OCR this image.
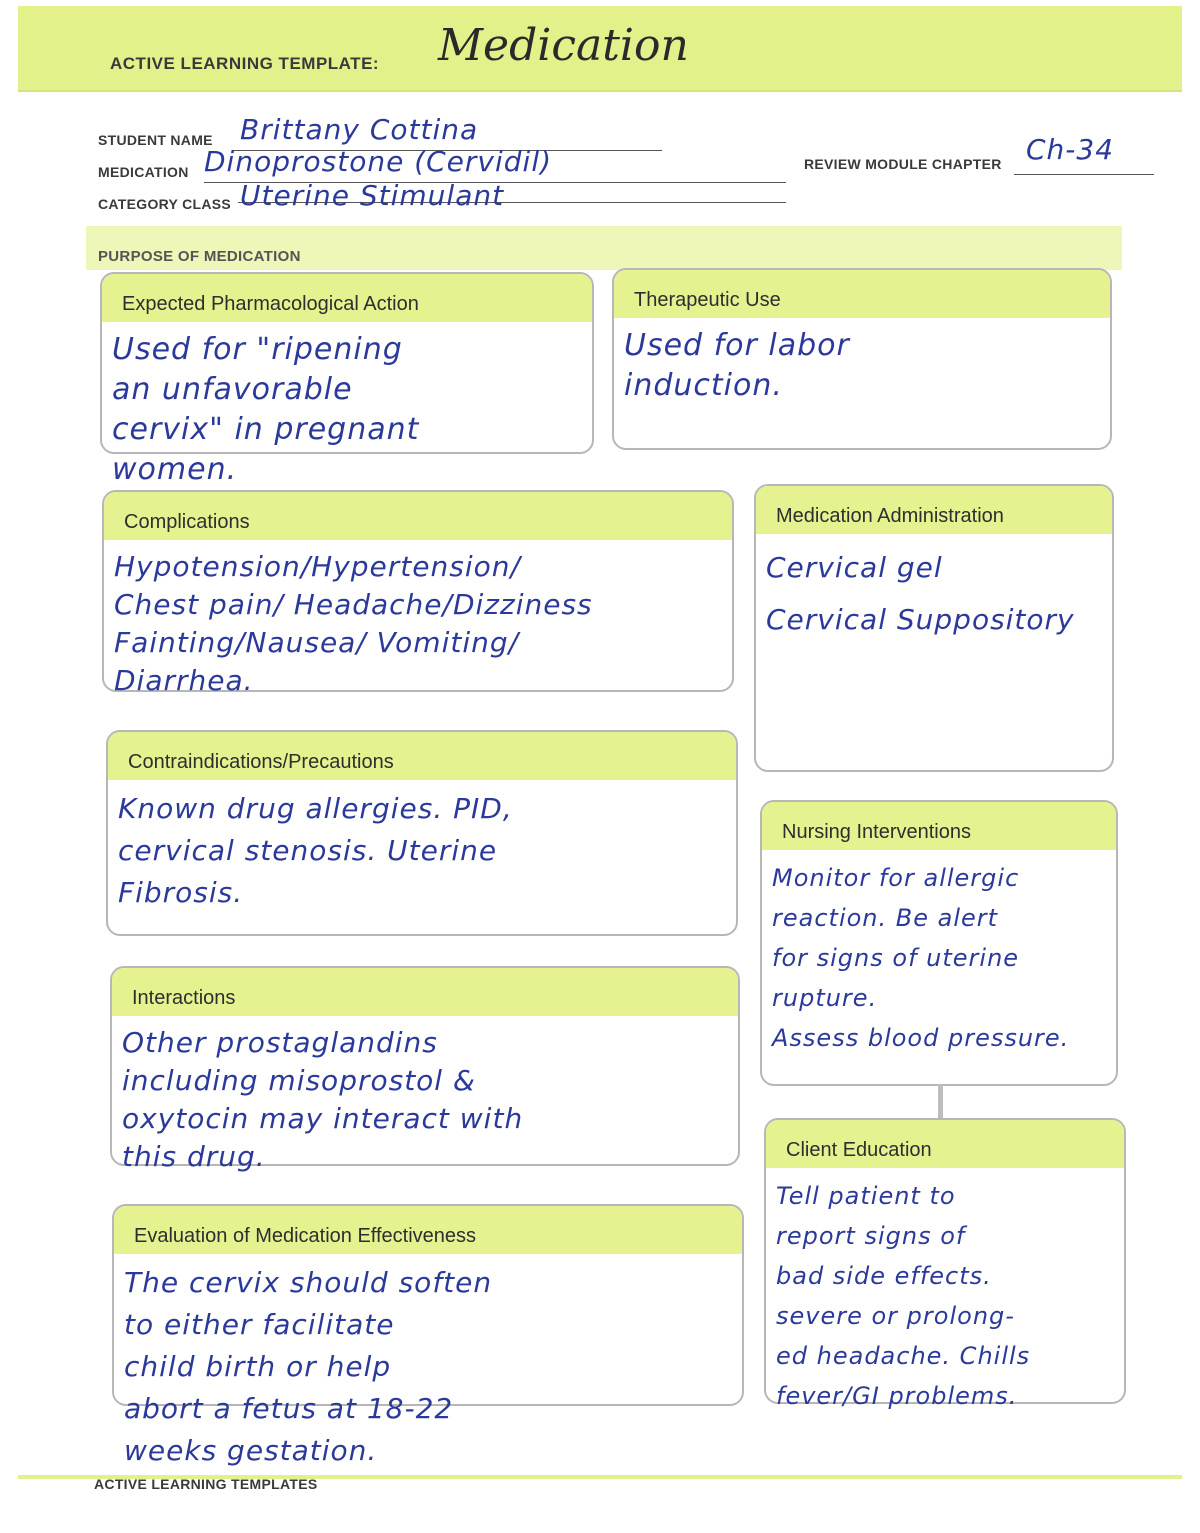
ACTIVE LEARNING TEMPLATE: Medication
STUDENT NAME Brittany Cottina
MEDICATION Dinoprostone (Cervidil)	REVIEW MODULE CHAPTER Ch-34
CATEGORY CLASS Uterine Stimulant
PURPOSE OF MEDICATION
Expected Pharmacological Action
Used for "ripening
an unfavorable
cervix" in pregnant
women.
Therapeutic Use
Used for labor
induction.
Complications
Hypotension/Hypertension/
Chest pain/ Headache/Dizziness
Fainting/Nausea/ Vomiting/
Diarrhea.
Medication Administration
Cervical gel
Cervical Suppository
Contraindications/Precautions
Known drug allergies. PID,
cervical stenosis. Uterine
Fibrosis.
Nursing Interventions
Monitor for allergic
reaction. Be alert
for signs of uterine
rupture.
Assess blood pressure.
Interactions
Other prostaglandins
including misoprostol &
oxytocin may interact with
this drug.	Client Education
Tell patient to
report signs of
bad side effects.
severe or prolong-
ed headache. Chills
fever/GI problems.
Evaluation of Medication Effectiveness
The cervix should soften
to either facilitate
child birth or help
abort a fetus at 18-22
weeks gestation.
ACTIVE LEARNING TEMPLATES
